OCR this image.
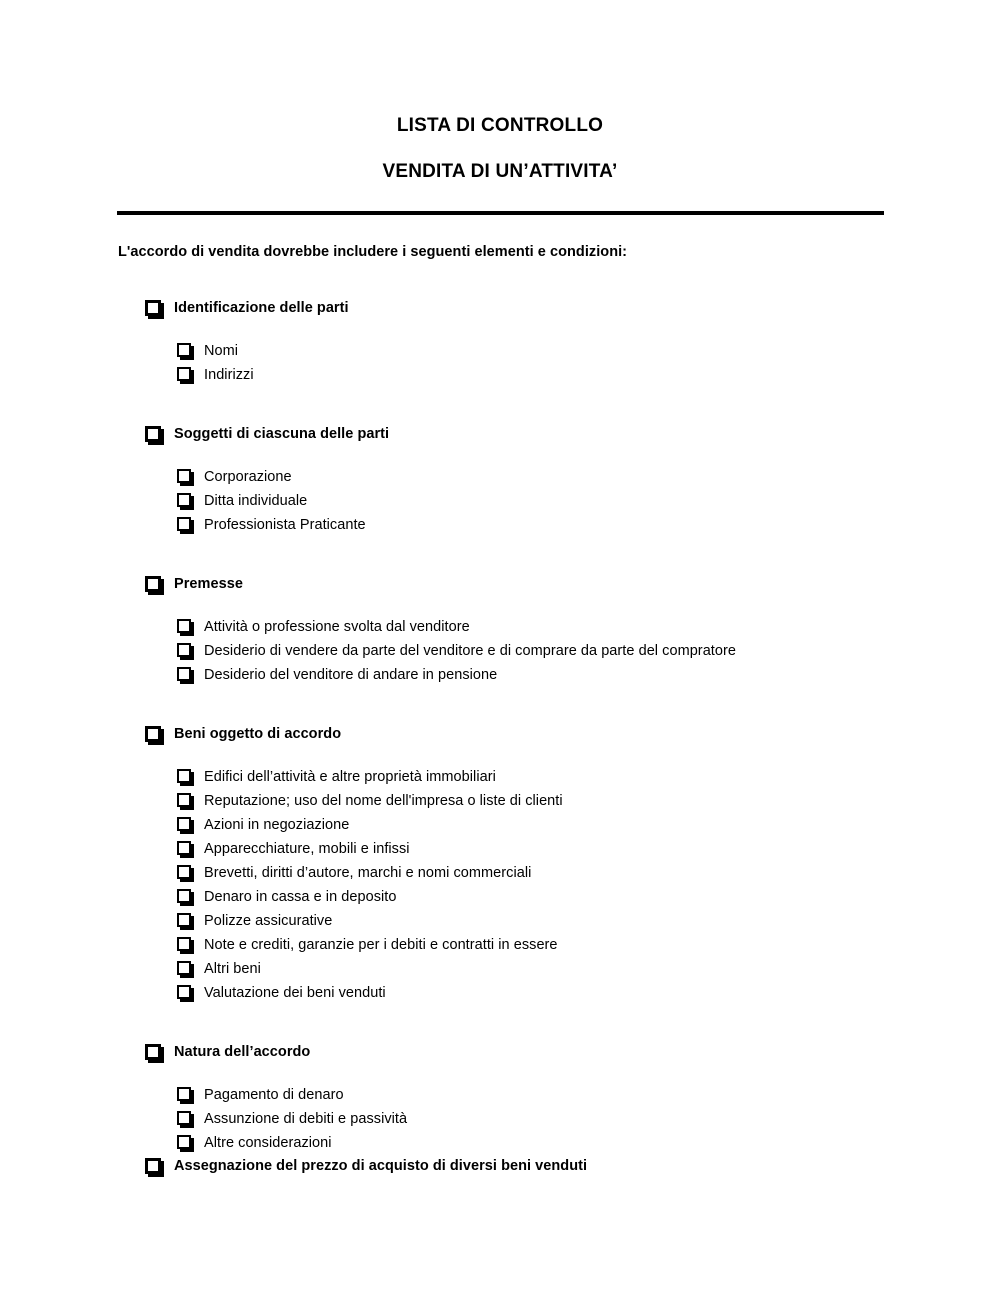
LISTA DI CONTROLLO
VENDITA DI UN’ATTIVITA’

L'accordo di vendita dovrebbe includere i seguenti elementi e condizioni:

Identificazione delle parti
Nomi
Indirizzi
Soggetti di ciascuna delle parti
Corporazione
Ditta individuale
Professionista Praticante
Premesse
Attività o professione svolta dal venditore
Desiderio di vendere da parte del venditore e di comprare da parte del compratore
Desiderio del venditore di andare in pensione
Beni oggetto di accordo
Edifici dell’attività e altre proprietà immobiliari
Reputazione; uso del nome dell'impresa o liste di clienti
Azioni in negoziazione
Apparecchiature, mobili e infissi
Brevetti, diritti d’autore, marchi e nomi commerciali
Denaro in cassa e in deposito
Polizze assicurative
Note e crediti, garanzie per i debiti e contratti in essere
Altri beni
Valutazione dei beni venduti
Natura dell’accordo
Pagamento di denaro
Assunzione di debiti e passività
Altre considerazioni
Assegnazione del prezzo di acquisto di diversi beni venduti
